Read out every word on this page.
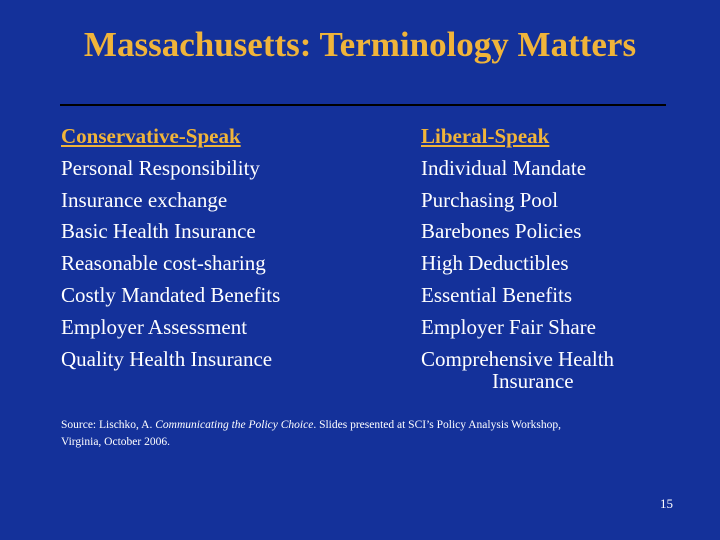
Massachusetts: Terminology Matters
Conservative-Speak
Personal Responsibility
Insurance exchange
Basic Health Insurance
Reasonable cost-sharing
Costly Mandated Benefits
Employer Assessment
Quality Health Insurance
Liberal-Speak
Individual Mandate
Purchasing Pool
Barebones Policies
High Deductibles
Essential Benefits
Employer Fair Share
Comprehensive Health
Insurance
Source: Lischko, A. Communicating the Policy Choice. Slides presented at SCI’s Policy Analysis Workshop, Virginia, October 2006.
15
